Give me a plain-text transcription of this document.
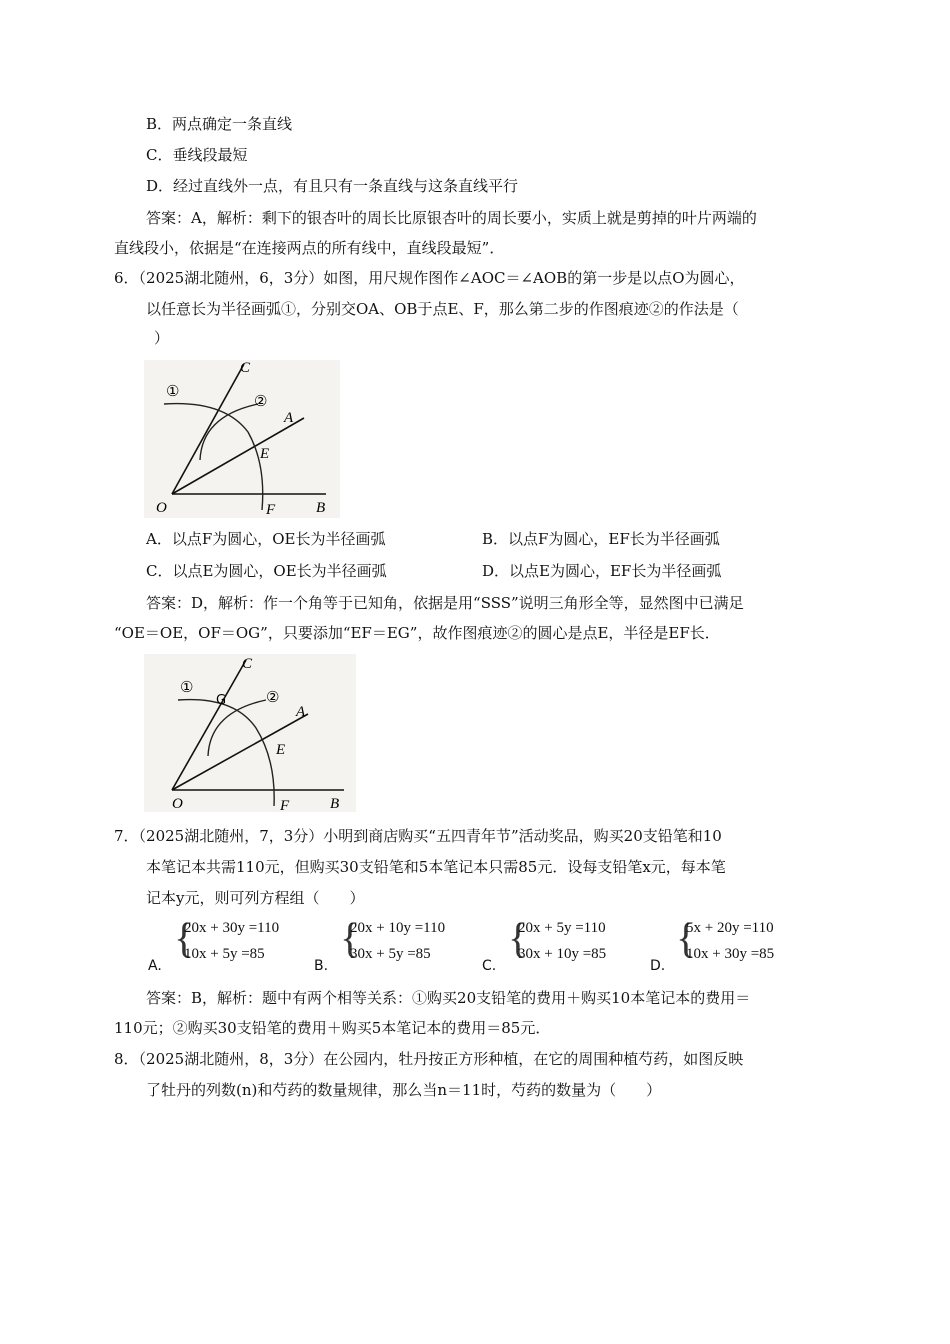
B．两点确定一条直线
C．垂线段最短
D．经过直线外一点，有且只有一条直线与这条直线平行
答案：A，解析：剩下的银杏叶的周长比原银杏叶的周长要小，实质上就是剪掉的叶片两端的
直线段小，依据是“在连接两点的所有线中，直线段最短”．
6．（2025湖北随州，6，3分）如图，用尺规作图作∠AOC＝∠AOB的第一步是以点O为圆心，
以任意长为半径画弧①，分别交OA、OB于点E、F，那么第二步的作图痕迹②的作法是（
）
C
A
E
O	F	B
①
②
A．以点F为圆心，OE长为半径画弧	B．以点F为圆心，EF长为半径画弧
C．以点E为圆心，OE长为半径画弧	D．以点E为圆心，EF长为半径画弧
答案：D，解析：作一个角等于已知角，依据是用“SSS”说明三角形全等，显然图中已满足
“OE＝OE，OF＝OG”，只要添加“EF＝EG”，故作图痕迹②的圆心是点E，半径是EF长．
C
G
A
E
O	F	B
①
②
7．（2025湖北随州，7，3分）小明到商店购买“五四青年节”活动奖品，购买20支铅笔和10
本笔记本共需110元，但购买30支铅笔和5本笔记本只需85元．设每支铅笔x元，每本笔
记本y元，则可列方程组（　　）
A.
{
20x + 30y =110
10x + 5y =85
B.
{
20x + 10y =110
30x + 5y =85
C.
{
20x + 5y =110
30x + 10y =85
D.
{
5x + 20y =110
10x + 30y =85
答案：B，解析：题中有两个相等关系：①购买20支铅笔的费用＋购买10本笔记本的费用＝
110元；②购买30支铅笔的费用＋购买5本笔记本的费用＝85元．
8．（2025湖北随州，8，3分）在公园内，牡丹按正方形种植，在它的周围种植芍药，如图反映
了牡丹的列数(n)和芍药的数量规律，那么当n＝11时，芍药的数量为（　　）
